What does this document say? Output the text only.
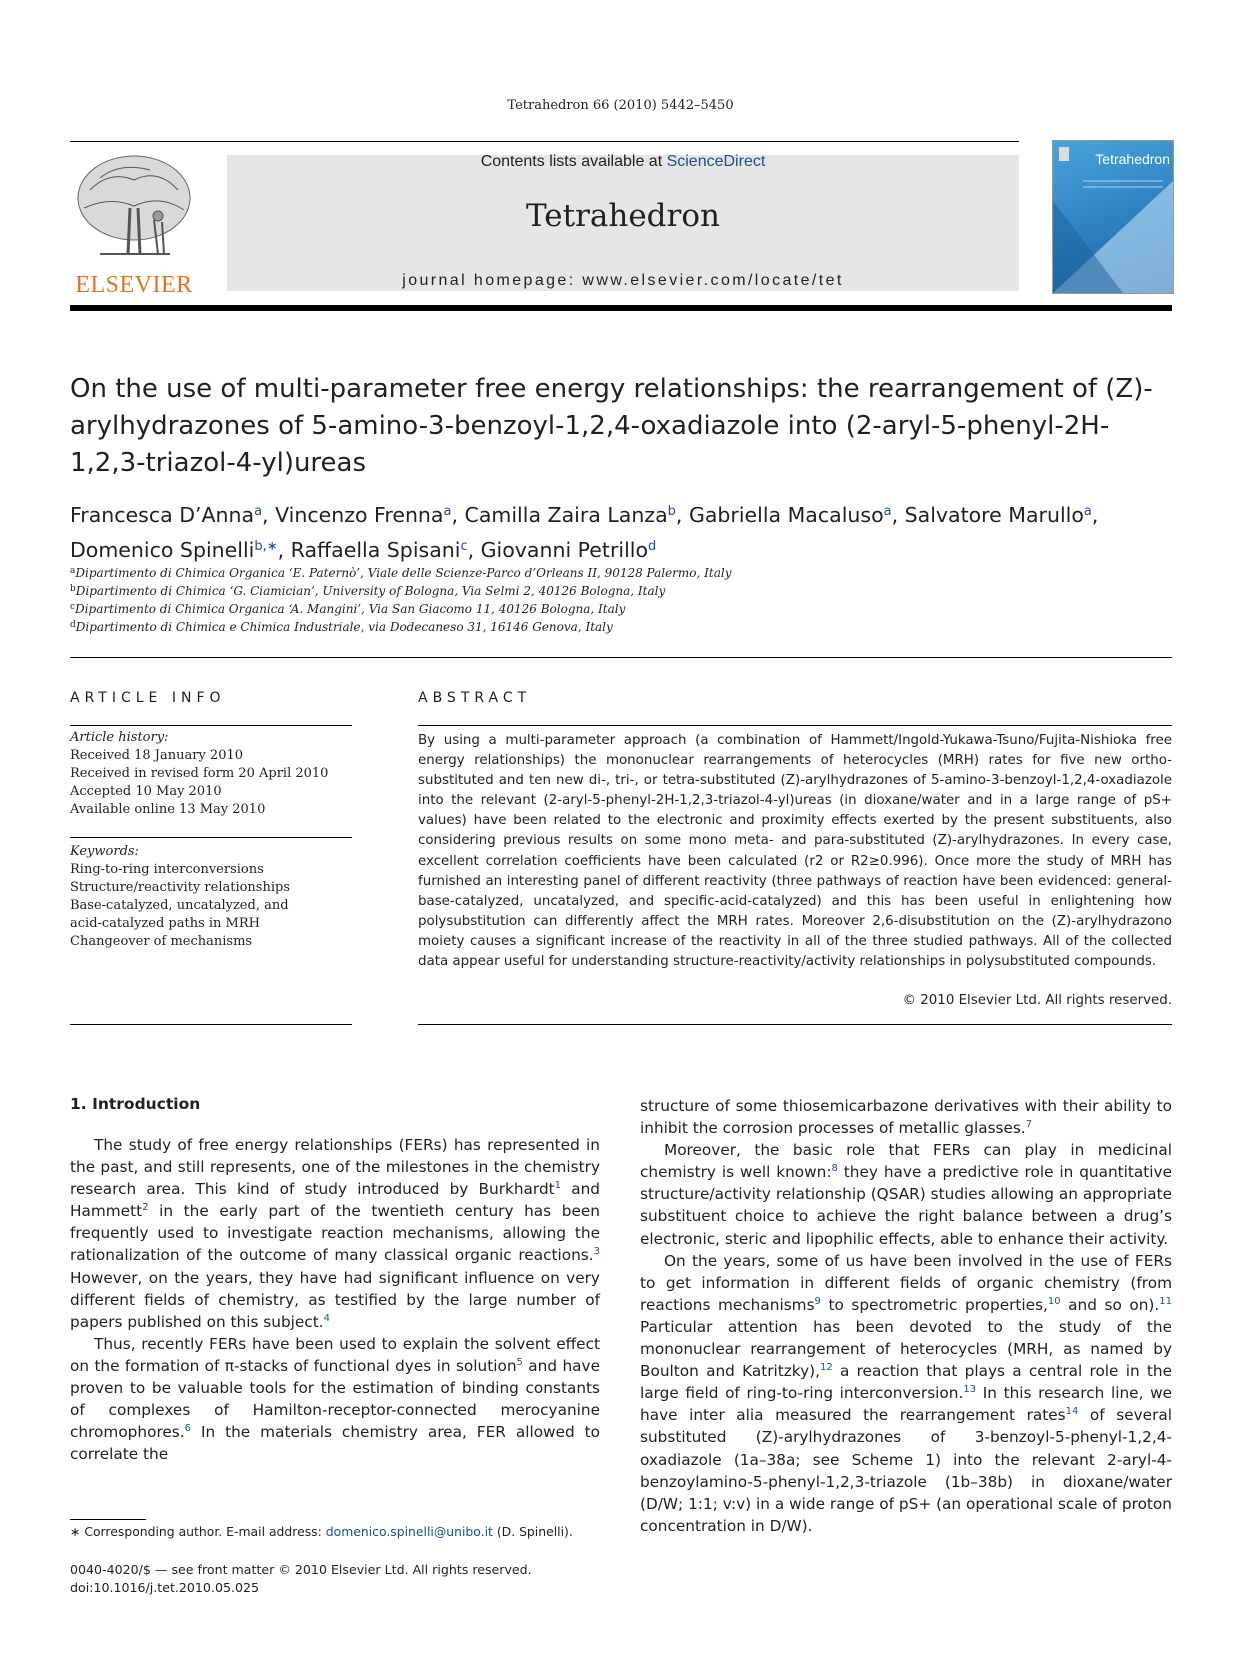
Tetrahedron 66 (2010) 5442–5450
ELSEVIER
Contents lists available at ScienceDirect
Tetrahedron
journal homepage: www.elsevier.com/locate/tet
Tetrahedron
On the use of multi-parameter free energy relationships: the rearrangement of (Z)-arylhydrazones of 5-amino-3-benzoyl-1,2,4-oxadiazole into (2-aryl-5-phenyl-2H-1,2,3-triazol-4-yl)ureas
Francesca D’Anna$^a$, Vincenzo Frenna$^a$, Camilla Zaira Lanza$^b$, Gabriella Macaluso$^a$, Salvatore Marullo$^a$,
Domenico Spinelli$^{b,∗}$, Raffaella Spisani$^c$, Giovanni Petrillo$^d$
$^a$Dipartimento di Chimica Organica ‘E. Paternò’, Viale delle Scienze-Parco d’Orleans II, 90128 Palermo, Italy
$^b$Dipartimento di Chimica ‘G. Ciamician’, University of Bologna, Via Selmi 2, 40126 Bologna, Italy
$^c$Dipartimento di Chimica Organica ‘A. Mangini’, Via San Giacomo 11, 40126 Bologna, Italy
$^d$Dipartimento di Chimica e Chimica Industriale, via Dodecaneso 31, 16146 Genova, Italy
ARTICLE INFO
Article history:
Received 18 January 2010
Received in revised form 20 April 2010
Accepted 10 May 2010
Available online 13 May 2010
Keywords:
Ring-to-ring interconversions
Structure/reactivity relationships
Base-catalyzed, uncatalyzed, and
acid-catalyzed paths in MRH
Changeover of mechanisms
ABSTRACT
By using a multi-parameter approach (a combination of Hammett/Ingold-Yukawa-Tsuno/Fujita-Nishioka free energy relationships) the mononuclear rearrangements of heterocycles (MRH) rates for five new ortho-substituted and ten new di-, tri-, or tetra-substituted (Z)-arylhydrazones of 5-amino-3-benzoyl-1,2,4-oxadiazole into the relevant (2-aryl-5-phenyl-2H-1,2,3-triazol-4-yl)ureas (in dioxane/water and in a large range of pS+ values) have been related to the electronic and proximity effects exerted by the present substituents, also considering previous results on some mono meta- and para-substituted (Z)-arylhydrazones. In every case, excellent correlation coefficients have been calculated (r2 or R2≥0.996). Once more the study of MRH has furnished an interesting panel of different reactivity (three pathways of reaction have been evidenced: general-base-catalyzed, uncatalyzed, and specific-acid-catalyzed) and this has been useful in enlightening how polysubstitution can differently affect the MRH rates. Moreover 2,6-disubstitution on the (Z)-arylhydrazono moiety causes a significant increase of the reactivity in all of the three studied pathways. All of the collected data appear useful for understanding structure-reactivity/activity relationships in polysubstituted compounds.
© 2010 Elsevier Ltd. All rights reserved.
1. Introduction

The study of free energy relationships (FERs) has represented in the past, and still represents, one of the milestones in the chemistry research area. This kind of study introduced by Burkhardt$^1$ and Hammett$^2$ in the early part of the twentieth century has been frequently used to investigate reaction mechanisms, allowing the rationalization of the outcome of many classical organic reactions.$^3$ However, on the years, they have had significant influence on very different fields of chemistry, as testified by the large number of papers published on this subject.$^4$

Thus, recently FERs have been used to explain the solvent effect on the formation of π-stacks of functional dyes in solution$^5$ and have proven to be valuable tools for the estimation of binding constants of complexes of Hamilton-receptor-connected merocyanine chromophores.$^6$ In the materials chemistry area, FER allowed to correlate the

structure of some thiosemicarbazone derivatives with their ability to inhibit the corrosion processes of metallic glasses.$^7$

Moreover, the basic role that FERs can play in medicinal chemistry is well known:$^8$ they have a predictive role in quantitative structure/activity relationship (QSAR) studies allowing an appropriate substituent choice to achieve the right balance between a drug’s electronic, steric and lipophilic effects, able to enhance their activity.

On the years, some of us have been involved in the use of FERs to get information in different fields of organic chemistry (from reactions mechanisms$^9$ to spectrometric properties,$^{10}$ and so on).$^{11}$ Particular attention has been devoted to the study of the mononuclear rearrangement of heterocycles (MRH, as named by Boulton and Katritzky),$^{12}$ a reaction that plays a central role in the large field of ring-to-ring interconversion.$^{13}$ In this research line, we have inter alia measured the rearrangement rates$^{14}$ of several substituted (Z)-arylhydrazones of 3-benzoyl-5-phenyl-1,2,4-oxadiazole (1a–38a; see Scheme 1) into the relevant 2-aryl-4-benzoylamino-5-phenyl-1,2,3-triazole (1b–38b) in dioxane/water (D/W; 1:1; v:v) in a wide range of pS+ (an operational scale of proton concentration in D/W).

∗ Corresponding author. E-mail address: domenico.spinelli@unibo.it (D. Spinelli).
0040-4020/$ — see front matter © 2010 Elsevier Ltd. All rights reserved.
doi:10.1016/j.tet.2010.05.025
